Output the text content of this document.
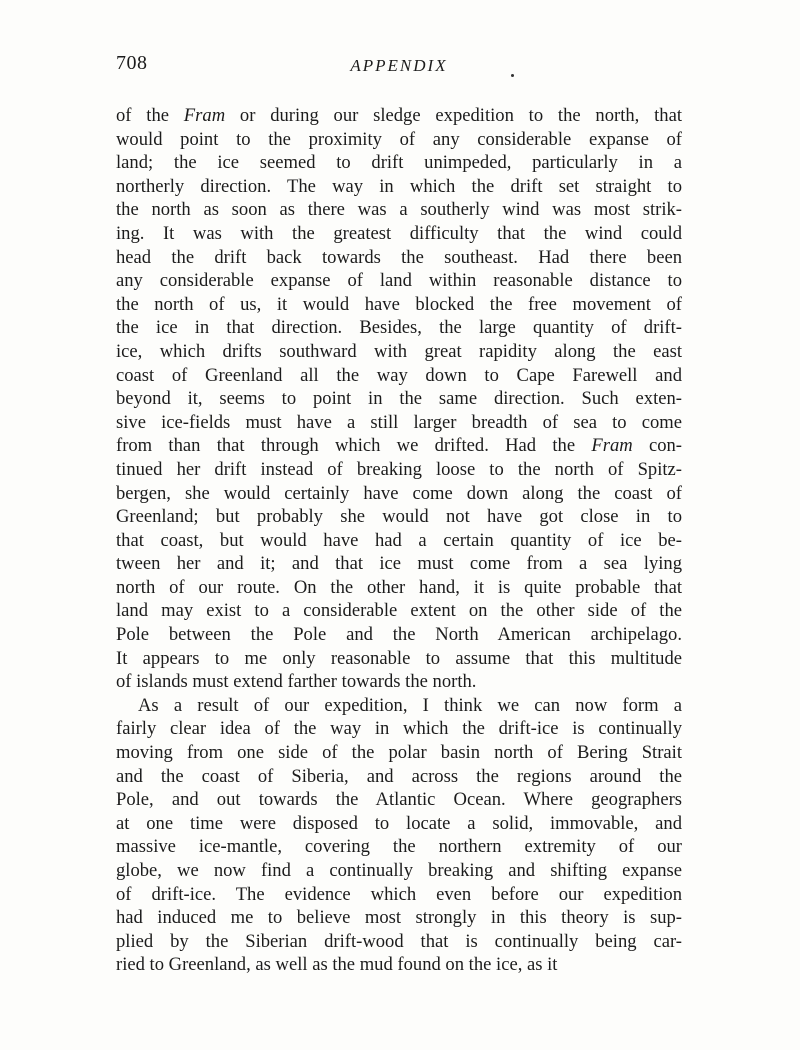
708	APPENDIX
of the Fram or during our sledge expedition to the north, that
would point to the proximity of any considerable expanse of
land; the ice seemed to drift unimpeded, particularly in a
northerly direction. The way in which the drift set straight to
the north as soon as there was a southerly wind was most strik-
ing. It was with the greatest difficulty that the wind could
head the drift back towards the southeast. Had there been
any considerable expanse of land within reasonable distance to
the north of us, it would have blocked the free movement of
the ice in that direction. Besides, the large quantity of drift-
ice, which drifts southward with great rapidity along the east
coast of Greenland all the way down to Cape Farewell and
beyond it, seems to point in the same direction. Such exten-
sive ice-fields must have a still larger breadth of sea to come
from than that through which we drifted. Had the Fram con-
tinued her drift instead of breaking loose to the north of Spitz-
bergen, she would certainly have come down along the coast of
Greenland; but probably she would not have got close in to
that coast, but would have had a certain quantity of ice be-
tween her and it; and that ice must come from a sea lying
north of our route. On the other hand, it is quite probable that
land may exist to a considerable extent on the other side of the
Pole between the Pole and the North American archipelago.
It appears to me only reasonable to assume that this multitude
of islands must extend farther towards the north.
As a result of our expedition, I think we can now form a
fairly clear idea of the way in which the drift-ice is continually
moving from one side of the polar basin north of Bering Strait
and the coast of Siberia, and across the regions around the
Pole, and out towards the Atlantic Ocean. Where geographers
at one time were disposed to locate a solid, immovable, and
massive ice-mantle, covering the northern extremity of our
globe, we now find a continually breaking and shifting expanse
of drift-ice. The evidence which even before our expedition
had induced me to believe most strongly in this theory is sup-
plied by the Siberian drift-wood that is continually being car-
ried to Greenland, as well as the mud found on the ice, as it
